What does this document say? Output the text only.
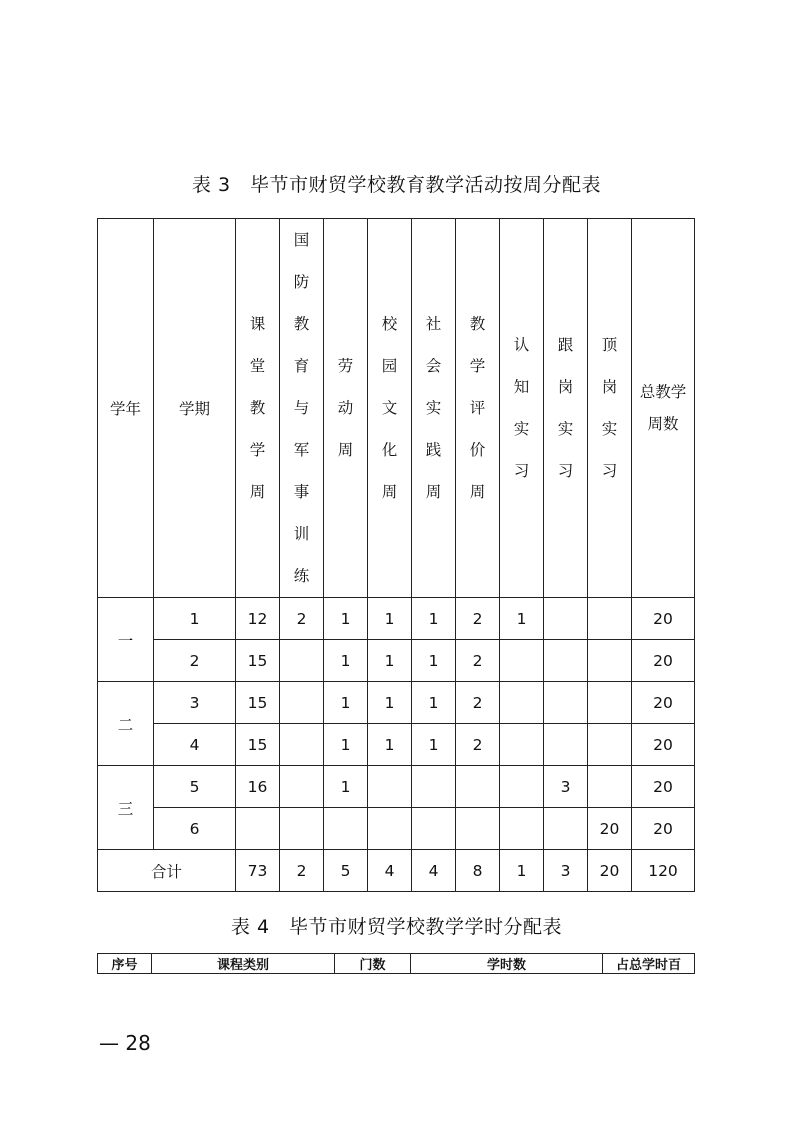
表 3　毕节市财贸学校教育教学活动按周分配表
学年	学期	课堂教学周	国防教育与军事训练	劳动周	校园文化周	社会实践周	教学评价周	认知实习	跟岗实习	顶岗实习	总教学周数
一	1	12	2	1	1	1	2	1			20
	2	15		1	1	1	2				20
二	3	15		1	1	1	2				20
	4	15		1	1	1	2				20
三	5	16		1					3		20
	6									20	20
合计		73	2	5	4	4	8	1	3	20	120
表 4　毕节市财贸学校教学学时分配表
序号	课程类别	门数	学时数	占总学时百
— 28
